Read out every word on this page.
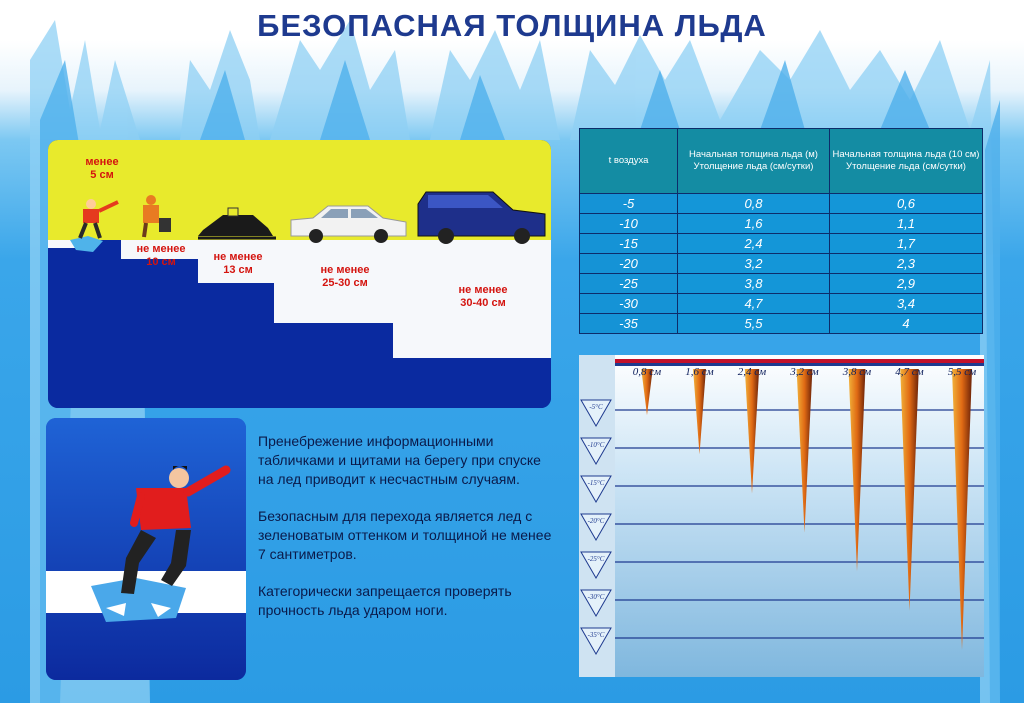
БЕЗОПАСНАЯ ТОЛЩИНА ЛЬДА
менее
5 см
не менее
10 см	не менее
13 см	не менее
25-30 см
не менее
30-40 см

Пренебрежение информационными табличками и щитами на берегу при спуске на лед приводит к несчастным случаям.

Безопасным для перехода является лед с зеленоватым оттенком и толщиной не менее 7 сантиметров.

Категорически запрещается проверять прочность льда ударом ноги.

t воздуха	Начальная толщина льда (м) Утолщение льда (см/сутки)	Начальная толщина льда (10 см) Утолщение льда (см/сутки)
-5	0,8	0,6
-10	1,6	1,1
-15	2,4	1,7
-20	3,2	2,3
-25	3,8	2,9
-30	4,7	3,4
-35	5,5	4
-5°C
-10°C
-15°C
-20°C
-25°C
-30°C
-35°C
0,8 см 1,6 см 2,4 см 3,2 см 3,8 см 4,7 см 5,5 см
